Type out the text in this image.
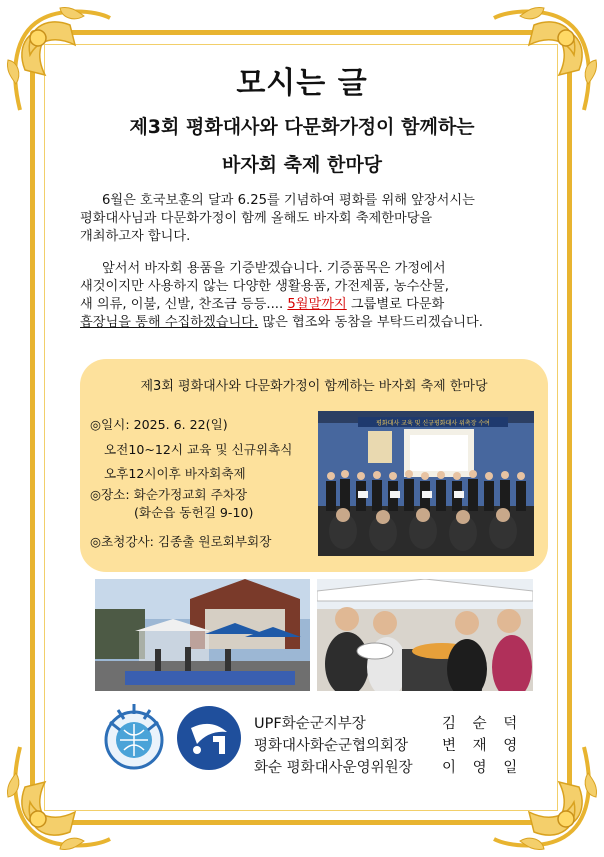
모시는 글
제3회 평화대사와 다문화가정이 함께하는
바자회 축제 한마당
6월은 호국보훈의 달과 6.25를 기념하여 평화를 위해 앞장서시는
평화대사님과 다문화가정이 함께 올해도 바자회 축제한마당을
개최하고자 합니다.
앞서서 바자회 용품을 기증받겠습니다. 기증품목은 가정에서
새것이지만 사용하지 않는 다양한 생활용품, 가전제품, 농수산물,
새 의류, 이불, 신발, 찬조금 등등.... 5월말까지 그룹별로 다문화
흡장님을 통해 수집하겠습니다. 많은 협조와 동참을 부탁드리겠습니다.
제3회 평화대사와 다문화가정이 함께하는 바자회 축제 한마당
◎일시: 2025. 6. 22(일)
오전10~12시 교육 및 신규위촉식
오후12시이후 바자회축제
◎장소: 화순가정교회 주차장
(화순읍 동헌길 9-10)
◎초청강사: 김종출 원로회부회장
평화대사 교육 및 신규평화대사 위촉장 수여
UPF화순군지부장	김 순 덕
평화대사화순군협의회장 변 재 영
화순 평화대사운영위원장 이 영 일
